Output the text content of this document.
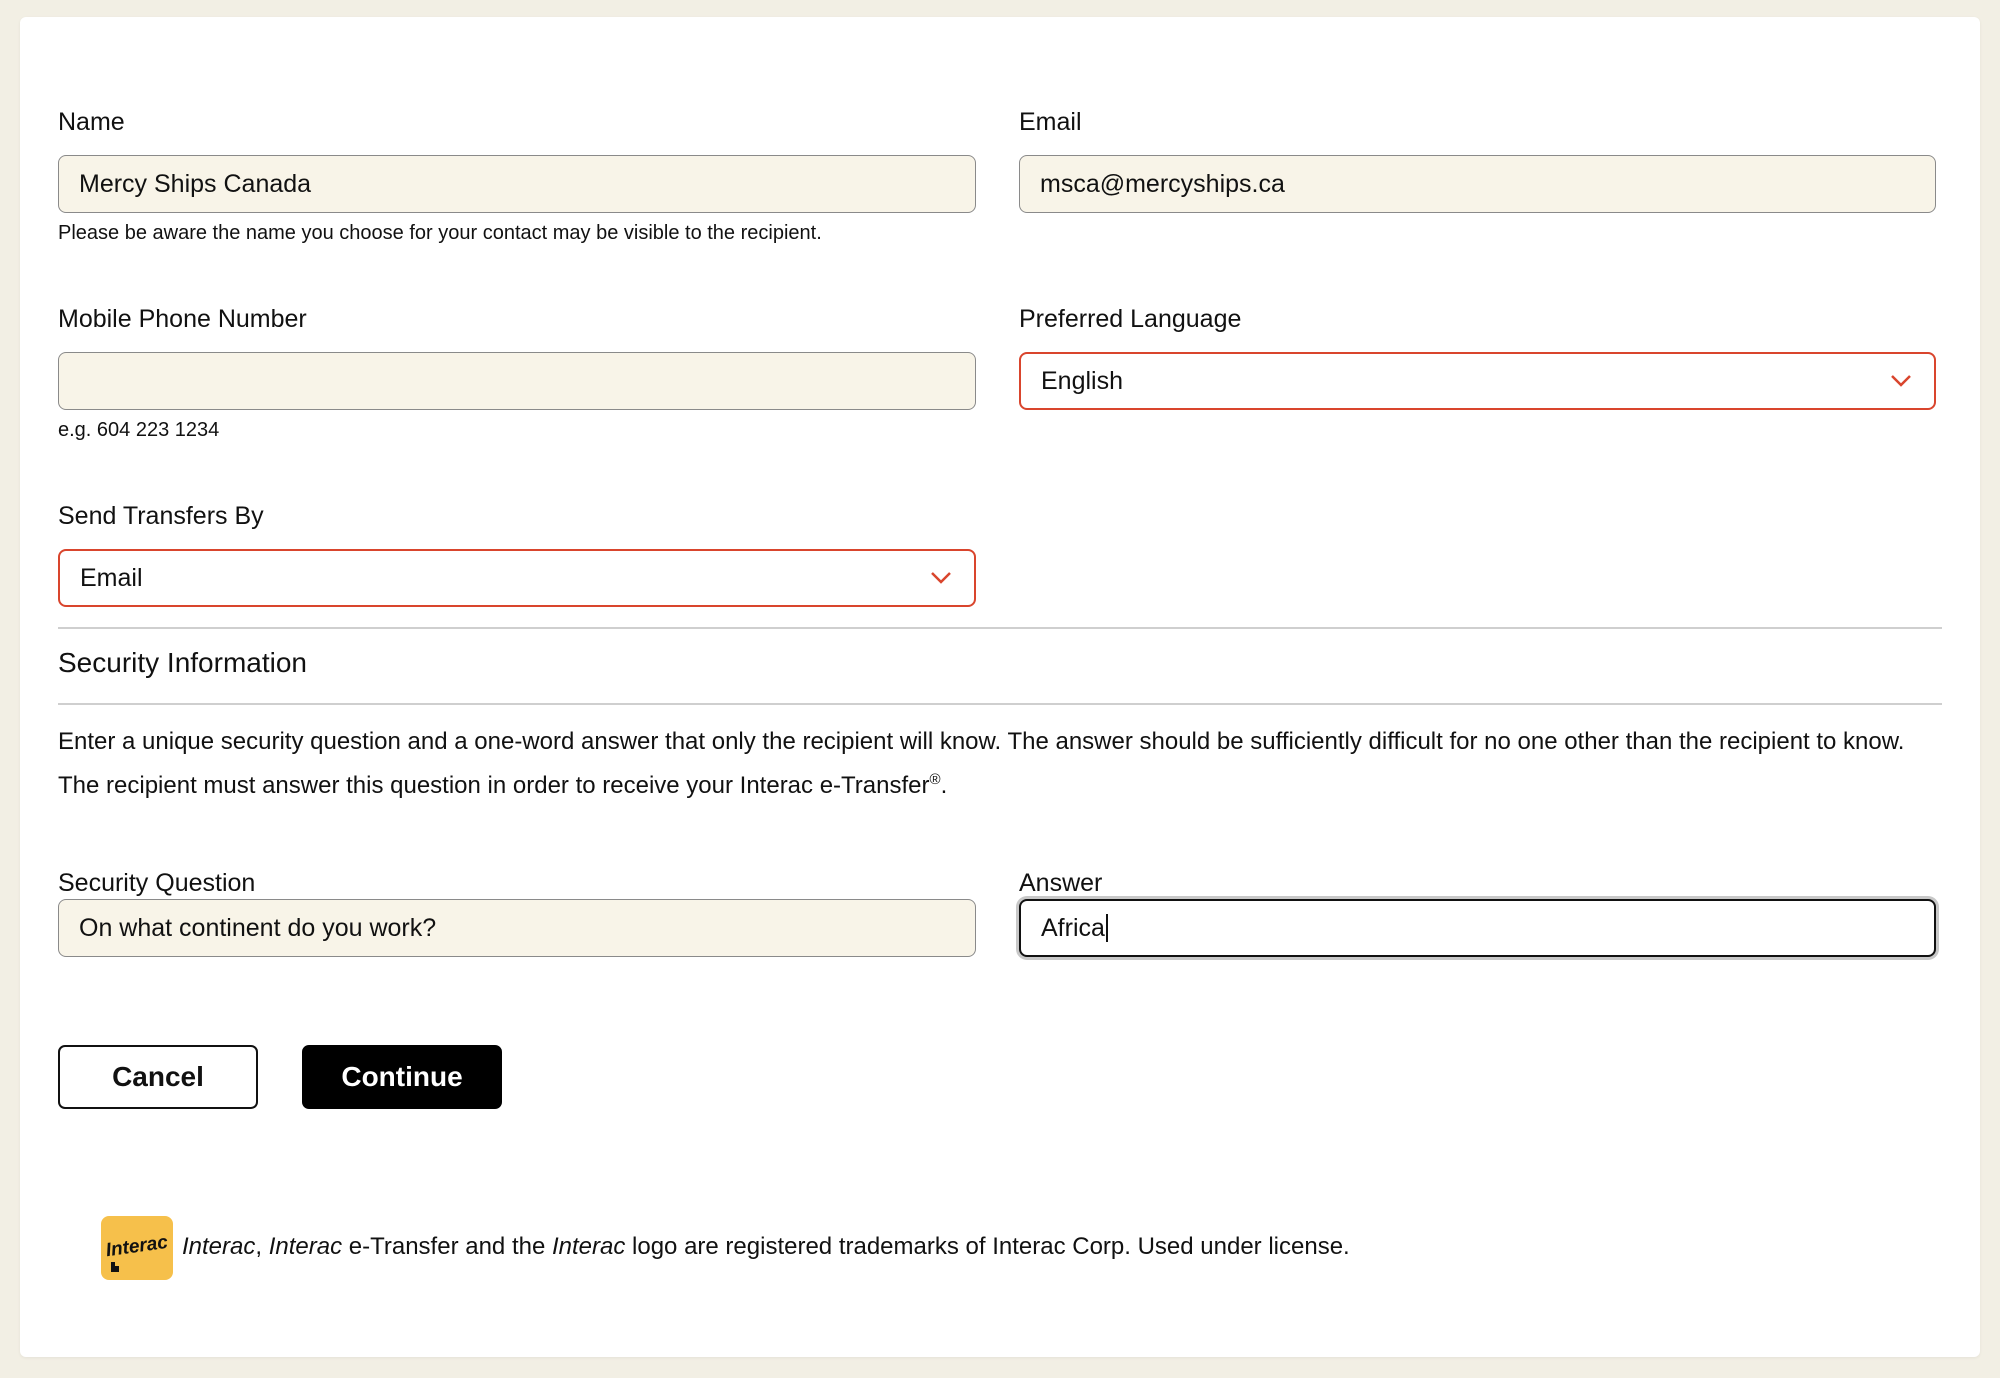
Name
Mercy Ships Canada
Please be aware the name you choose for your contact may be visible to the recipient.
Email
msca@mercyships.ca
Mobile Phone Number
e.g. 604 223 1234
Preferred Language
English
Send Transfers By
Email
Security Information
Enter a unique security question and a one-word answer that only the recipient will know. The answer should be sufficiently difficult for no one other than the recipient to know. The recipient must answer this question in order to receive your Interac e-Transfer®.
Security Question
On what continent do you work?
Answer
Africa
Cancel	Continue
Interac Interac, Interac e-Transfer and the Interac logo are registered trademarks of Interac Corp. Used under license.
